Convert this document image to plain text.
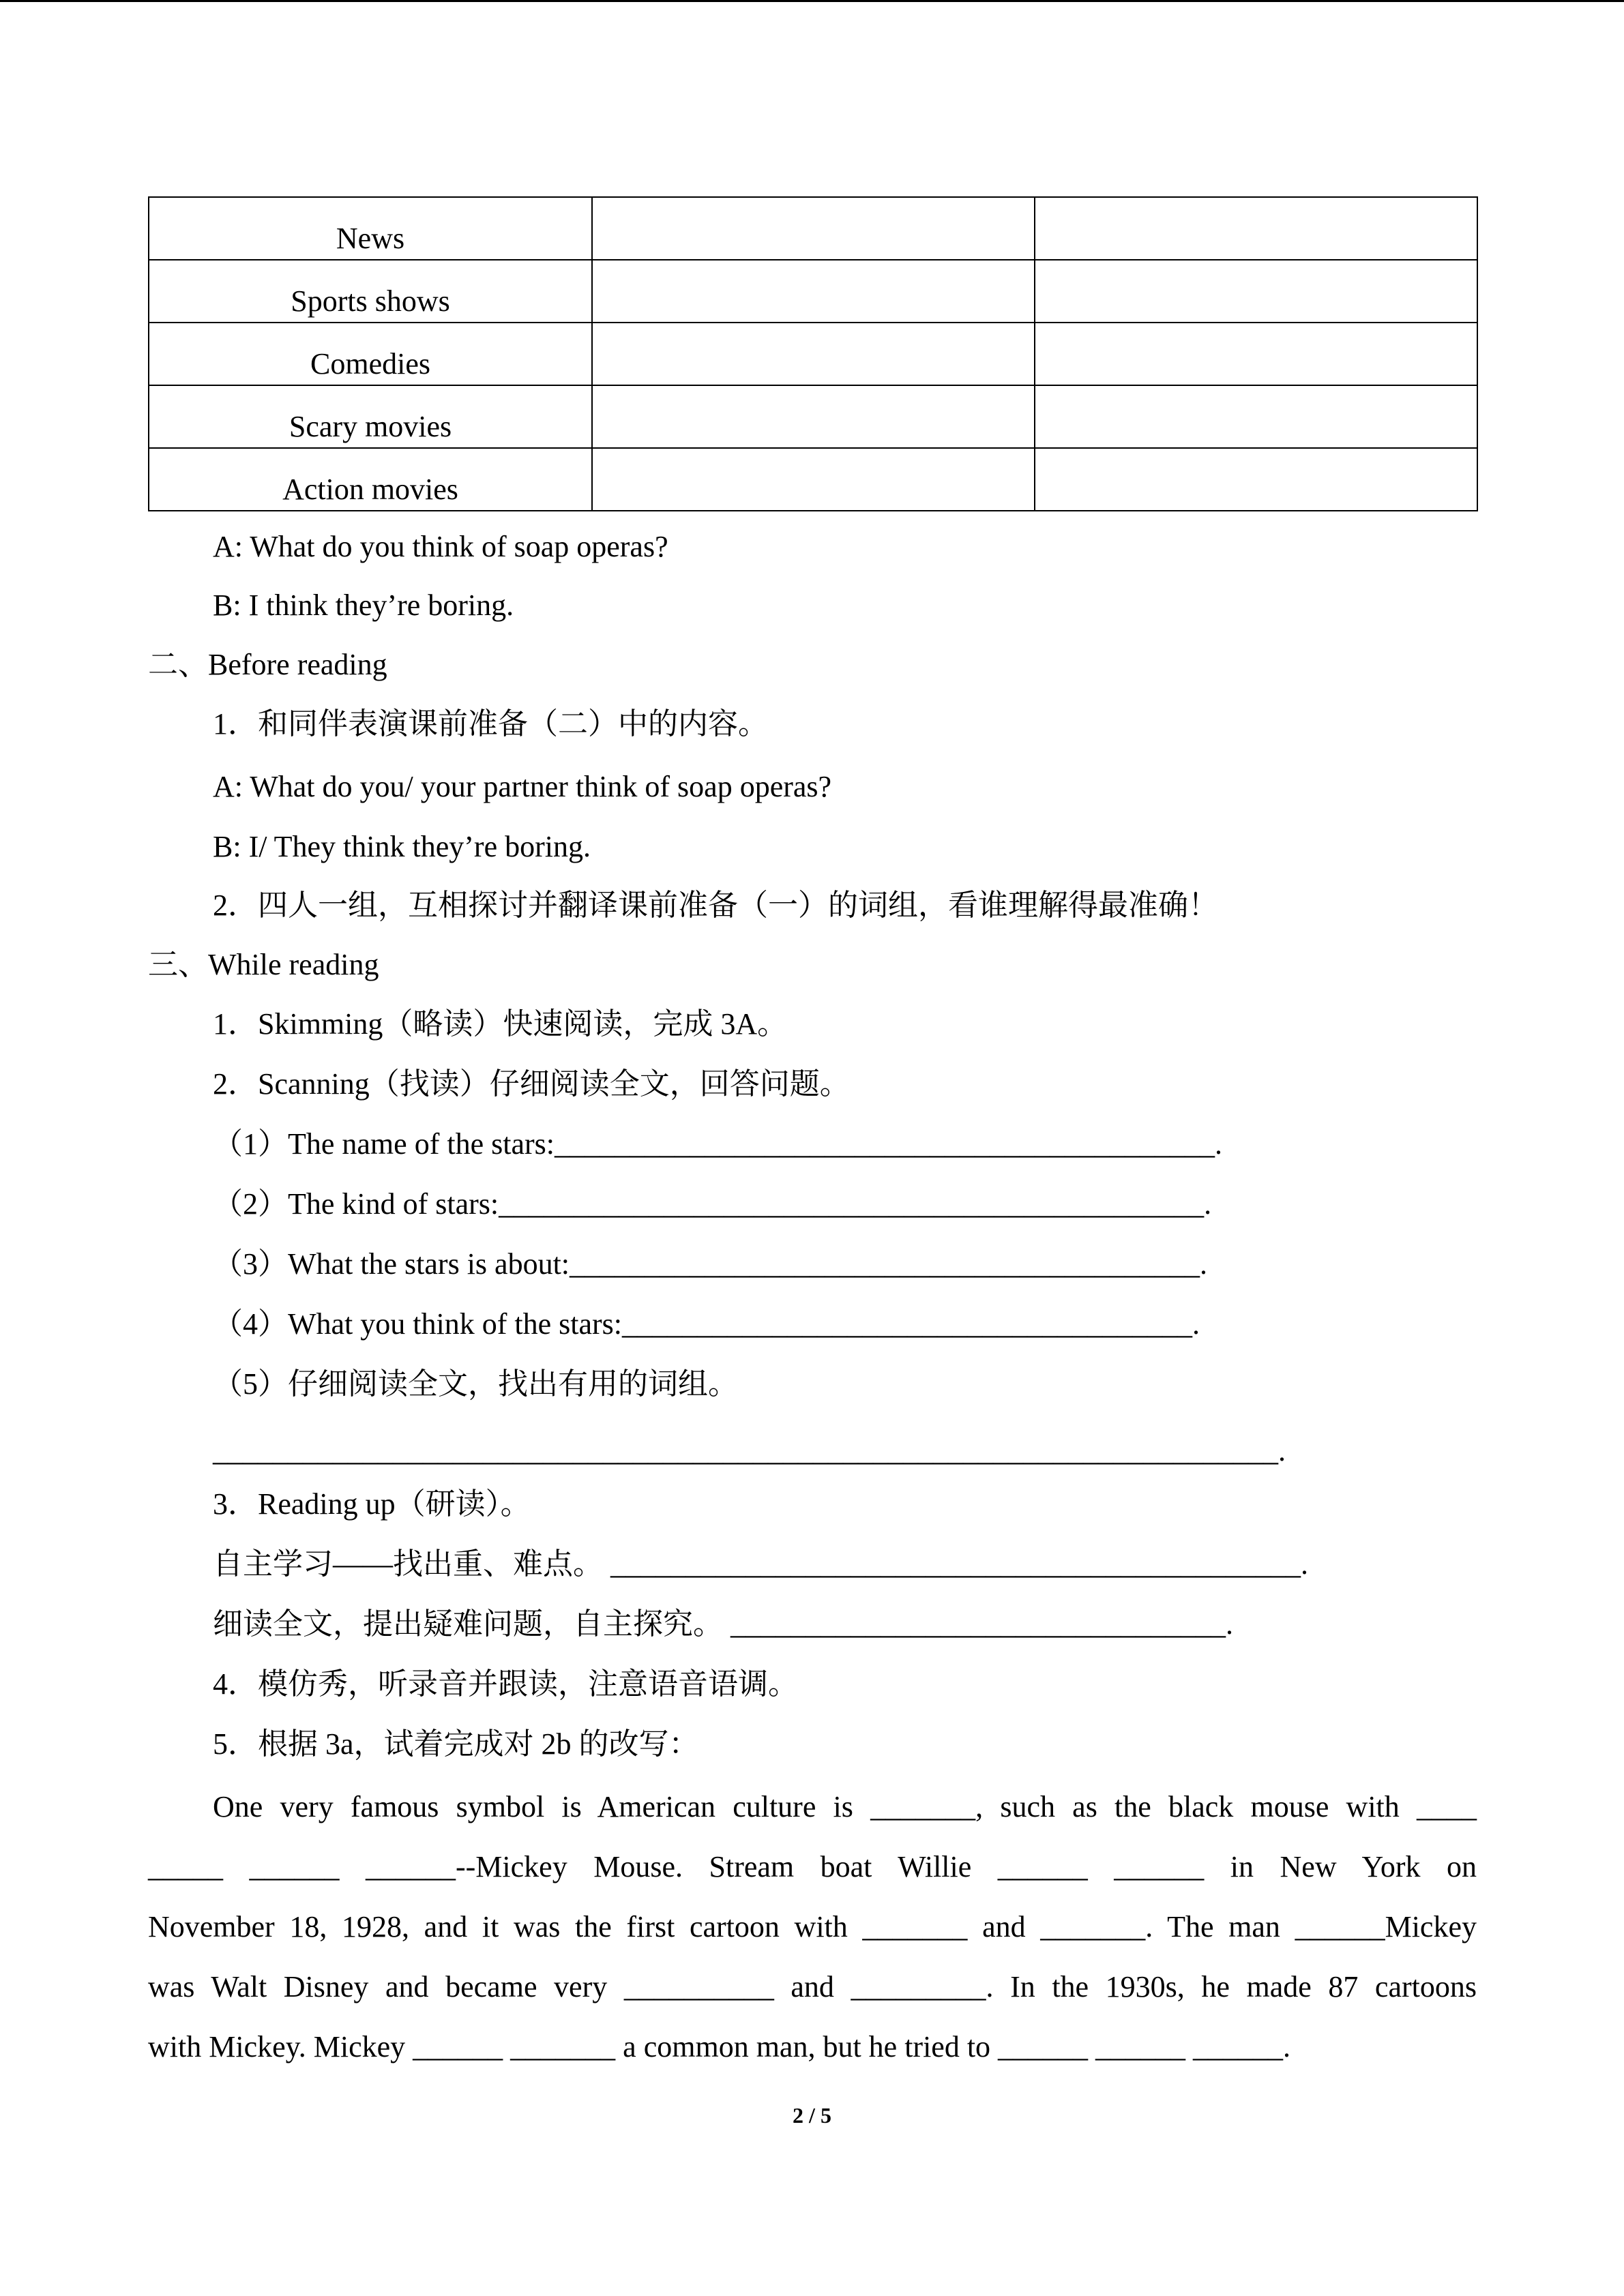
News		
Sports shows		
Comedies		
Scary movies		
Action movies		
A: What do you think of soap operas?
B: I think they’re boring.
二、Before reading
1．和同伴表演课前准备（二）中的内容。
A: What do you/ your partner think of soap operas?
B: I/ They think they’re boring.
2．四人一组，互相探讨并翻译课前准备（一）的词组，看谁理解得最准确！
三、While reading
1．Skimming（略读）快速阅读，完成 3A。
2．Scanning（找读）仔细阅读全文，回答问题。
（1）The name of the stars:____________________________________________.
（2）The kind of stars:_______________________________________________.
（3）What the stars is about:__________________________________________.
（4）What you think of the stars:______________________________________.
（5）仔细阅读全文，找出有用的词组。
_______________________________________________________________________.
3．Reading up（研读）。
自主学习——找出重、难点。 ______________________________________________.
细读全文，提出疑难问题，自主探究。 _________________________________.
4．模仿秀，听录音并跟读，注意语音语调。
5．根据 3a，试着完成对 2b 的改写：
One very famous symbol is American culture is _______, such as the black mouse with ____
_____ ______ ______--Mickey Mouse. Stream boat Willie ______ ______ in New York on
November 18, 1928, and it was the first cartoon with _______ and _______. The man ______Mickey
was Walt Disney and became very __________ and _________. In the 1930s, he made 87 cartoons
with Mickey. Mickey ______ _______ a common man, but he tried to ______ ______ ______.
2 / 5
